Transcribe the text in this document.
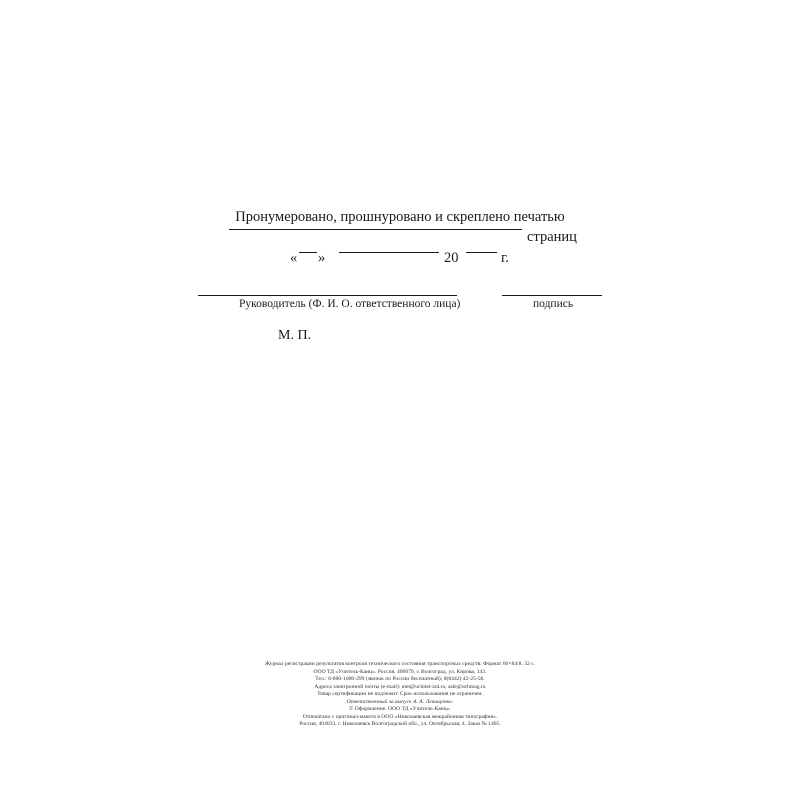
Пронумеровано, прошнуровано и скреплено печатью
страниц
« »	20	г.
Руководитель (Ф. И. О. ответственного лица)	подпись
М. П.
Журнал регистрации результатов контроля технического состояния транспортных средств. Формат 60×84/8. 32 с.
ООО ТД «Учитель-Канц». Россия, 400079, г. Волгоград, ул. Кирова, 143.
Тел.: 8-800-1000-299 (звонок по России бесплатный); 8(8442) 42-25-58.
Адреса электронной почты (e-mail): met@uchitel-izd.ru, sale@uchmag.ru
Товар сертификации не подлежит. Срок использования не ограничен.
Ответственный за выпуск А. А. Левищенко.
© Оформление. ООО ТД «Учитель-Канц».
Отпечатано с оригинал-макета в ООО «Николаевская межрайонная типография».
Россия, 404033, г. Николаевск Волгоградской обл., ул. Октябрьская, 4. Заказ № 1405.
